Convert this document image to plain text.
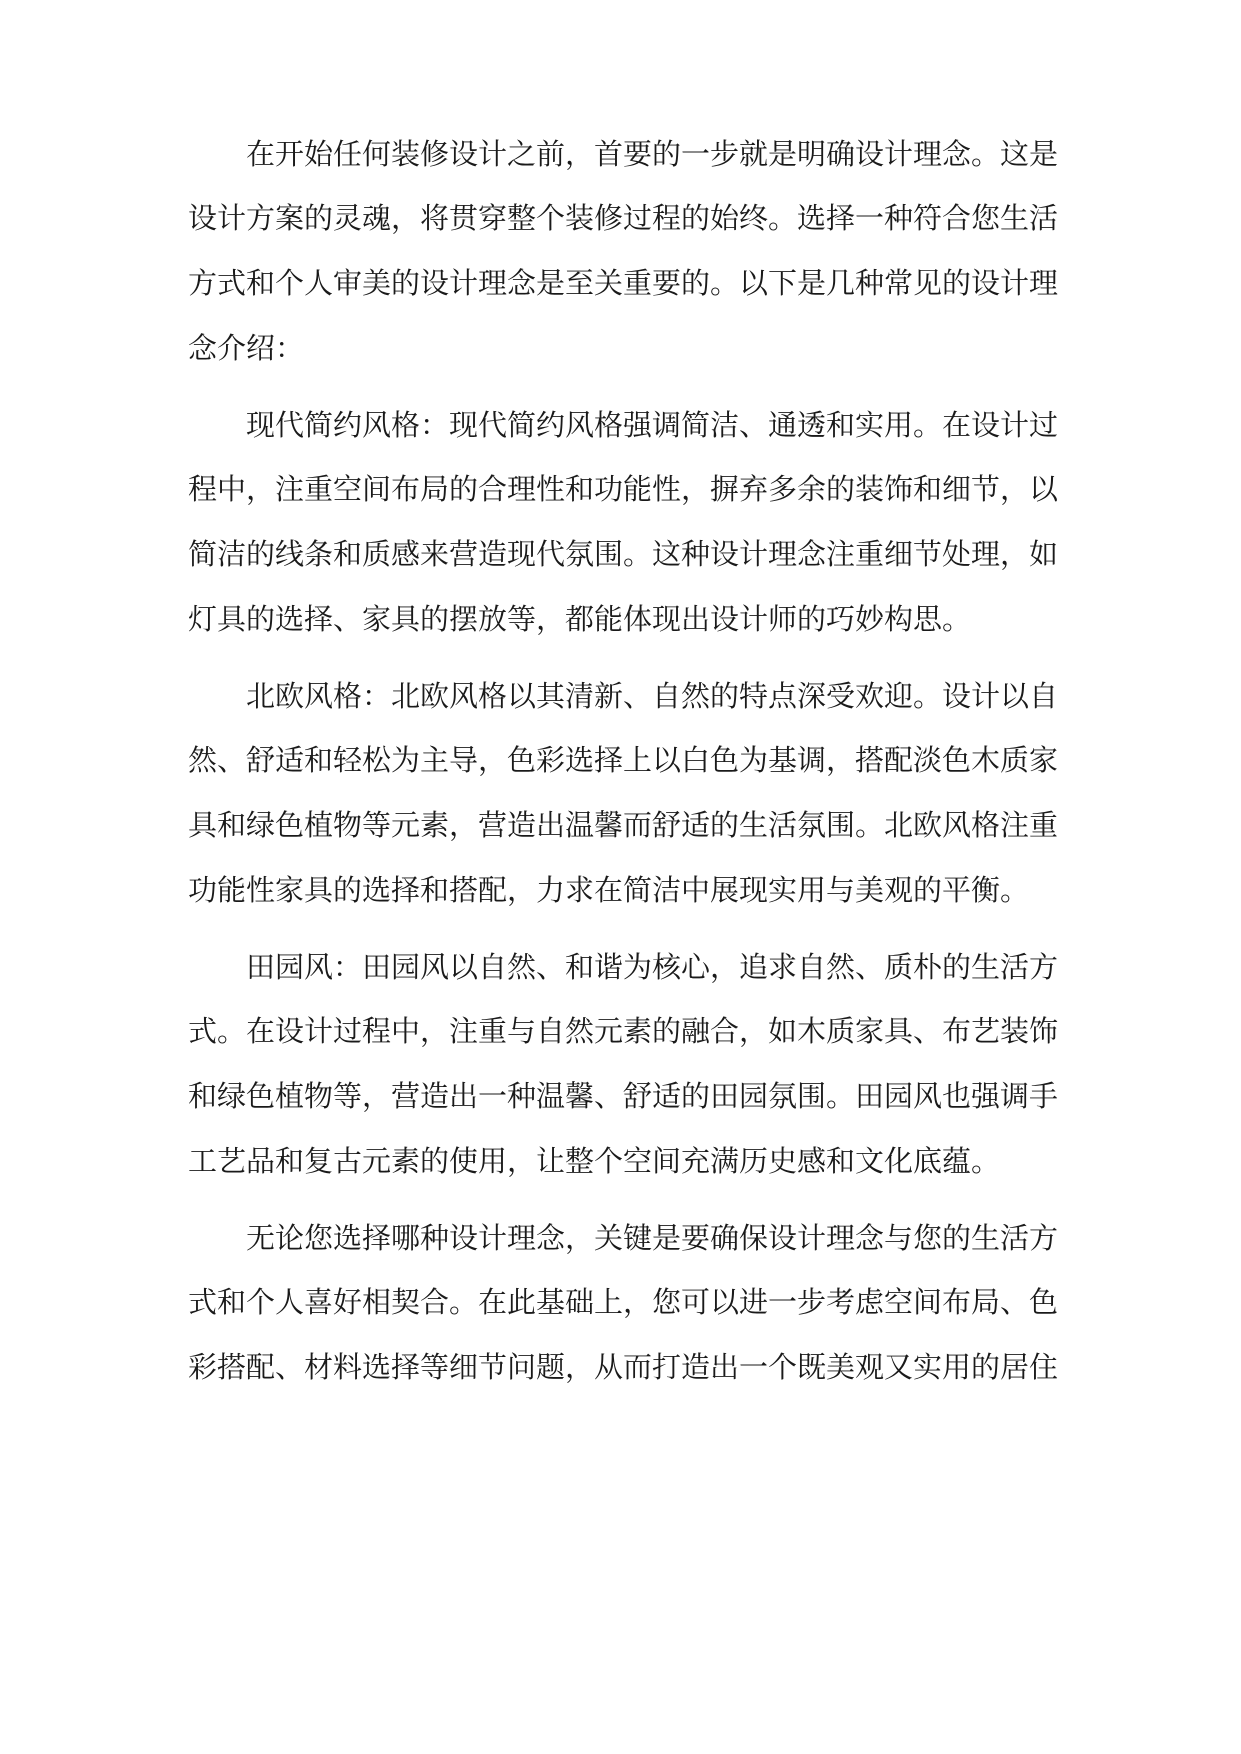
在开始任何装修设计之前，首要的一步就是明确设计理念。这是
设计方案的灵魂，将贯穿整个装修过程的始终。选择一种符合您生活
方式和个人审美的设计理念是至关重要的。以下是几种常见的设计理
念介绍：
现代简约风格：现代简约风格强调简洁、通透和实用。在设计过
程中，注重空间布局的合理性和功能性，摒弃多余的装饰和细节，以
简洁的线条和质感来营造现代氛围。这种设计理念注重细节处理，如
灯具的选择、家具的摆放等，都能体现出设计师的巧妙构思。
北欧风格：北欧风格以其清新、自然的特点深受欢迎。设计以自
然、舒适和轻松为主导，色彩选择上以白色为基调，搭配淡色木质家
具和绿色植物等元素，营造出温馨而舒适的生活氛围。北欧风格注重
功能性家具的选择和搭配，力求在简洁中展现实用与美观的平衡。
田园风：田园风以自然、和谐为核心，追求自然、质朴的生活方
式。在设计过程中，注重与自然元素的融合，如木质家具、布艺装饰
和绿色植物等，营造出一种温馨、舒适的田园氛围。田园风也强调手
工艺品和复古元素的使用，让整个空间充满历史感和文化底蕴。
无论您选择哪种设计理念，关键是要确保设计理念与您的生活方
式和个人喜好相契合。在此基础上，您可以进一步考虑空间布局、色
彩搭配、材料选择等细节问题，从而打造出一个既美观又实用的居住
